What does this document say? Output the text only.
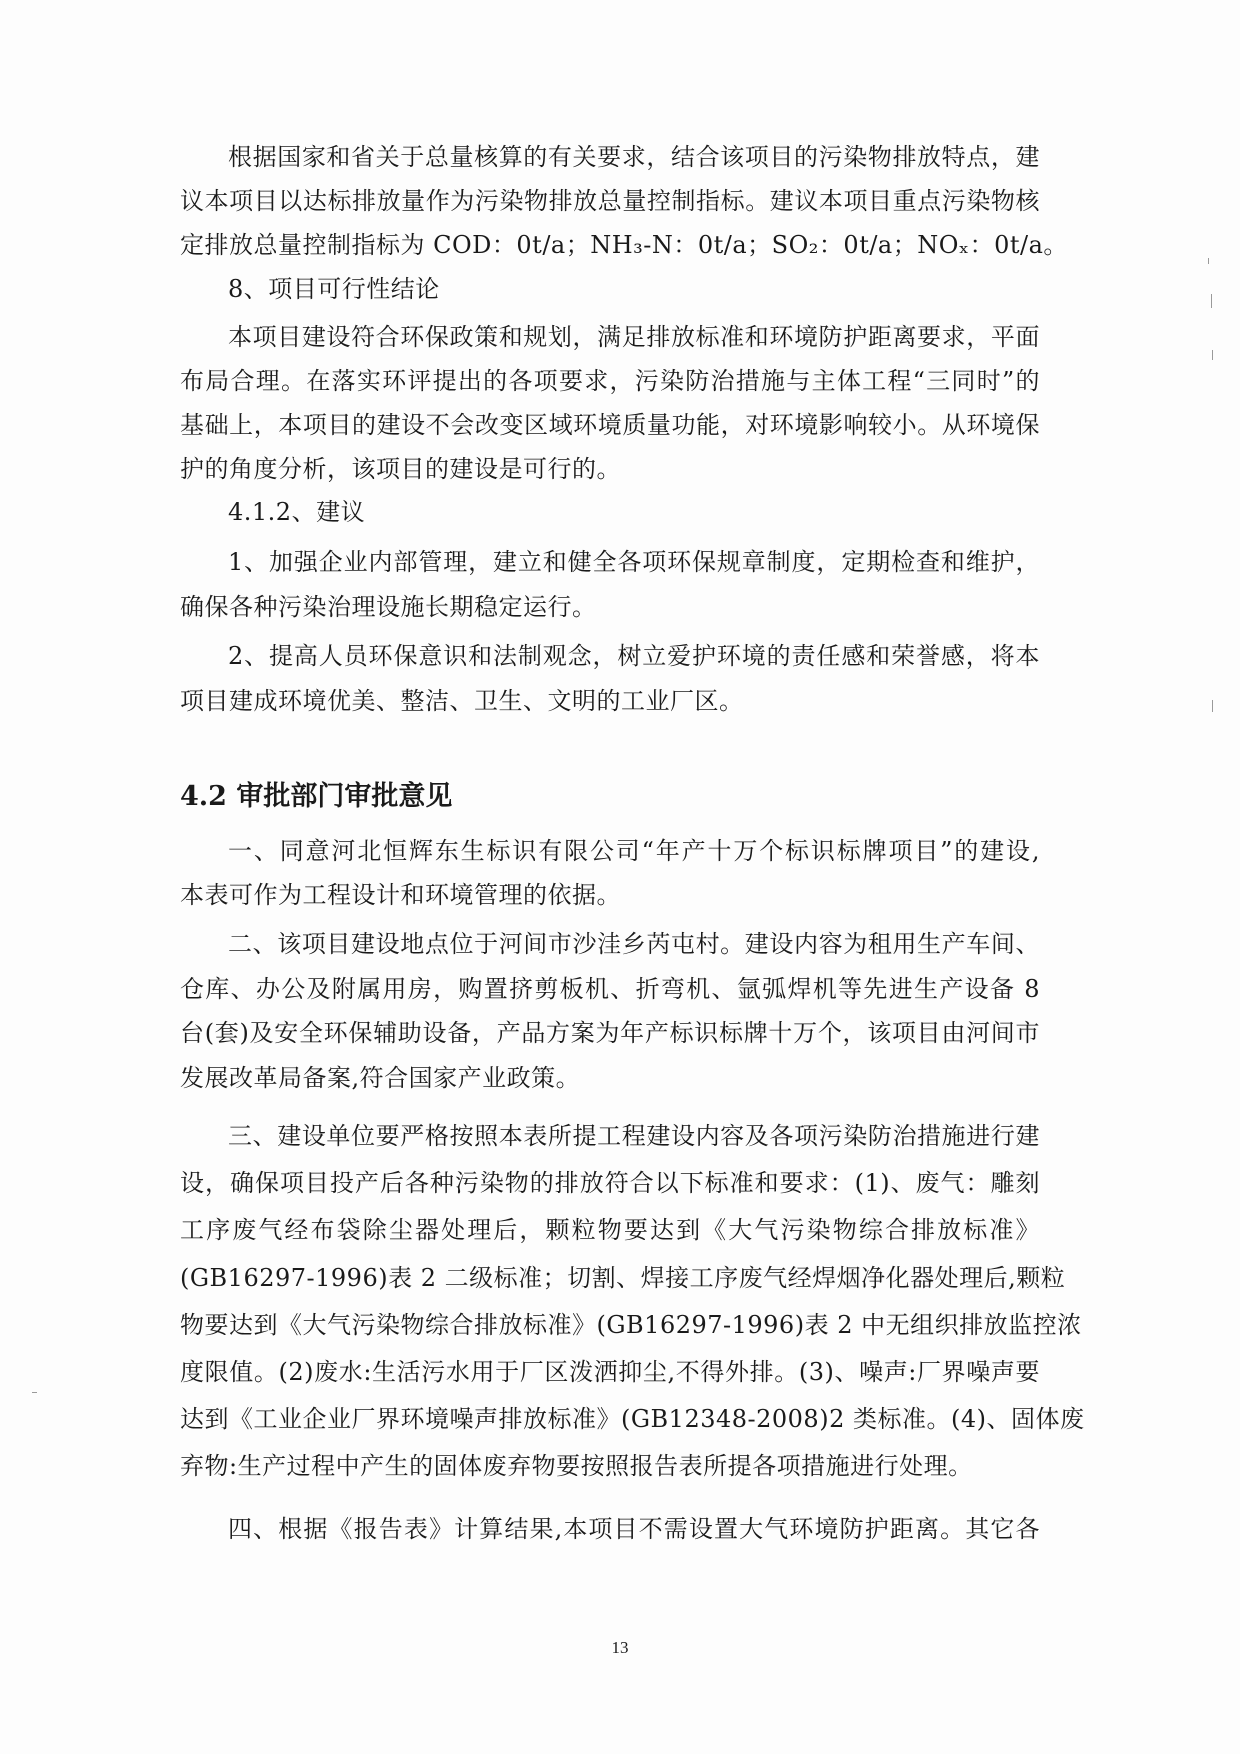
根据国家和省关于总量核算的有关要求，结合该项目的污染物排放特点，建
议本项目以达标排放量作为污染物排放总量控制指标。建议本项目重点污染物核
定排放总量控制指标为 COD：0t/a；NH₃-N：0t/a；SO₂：0t/a；NOₓ：0t/a。
8、项目可行性结论
本项目建设符合环保政策和规划，满足排放标准和环境防护距离要求，平面
布局合理。在落实环评提出的各项要求，污染防治措施与主体工程“三同时”的
基础上，本项目的建设不会改变区域环境质量功能，对环境影响较小。从环境保
护的角度分析，该项目的建设是可行的。
4.1.2、建议
1、加强企业内部管理，建立和健全各项环保规章制度，定期检查和维护，
确保各种污染治理设施长期稳定运行。
2、提高人员环保意识和法制观念，树立爱护环境的责任感和荣誉感，将本
项目建成环境优美、整洁、卫生、文明的工业厂区。
4.2 审批部门审批意见
一、同意河北恒辉东生标识有限公司“年产十万个标识标牌项目”的建设,
本表可作为工程设计和环境管理的依据。
二、该项目建设地点位于河间市沙洼乡芮屯村。建设内容为租用生产车间、
仓库、办公及附属用房，购置挤剪板机、折弯机、氩弧焊机等先进生产设备 8
台(套)及安全环保辅助设备，产品方案为年产标识标牌十万个，该项目由河间市
发展改革局备案,符合国家产业政策。
三、建设单位要严格按照本表所提工程建设内容及各项污染防治措施进行建
设，确保项目投产后各种污染物的排放符合以下标准和要求：(1)、废气：雕刻
工序废气经布袋除尘器处理后，颗粒物要达到《大气污染物综合排放标准》
(GB16297-1996)表 2 二级标准；切割、焊接工序废气经焊烟净化器处理后,颗粒
物要达到《大气污染物综合排放标准》(GB16297-1996)表 2 中无组织排放监控浓
度限值。(2)废水:生活污水用于厂区泼洒抑尘,不得外排。(3)、噪声:厂界噪声要
达到《工业企业厂界环境噪声排放标准》(GB12348-2008)2 类标准。(4)、固体废
弃物:生产过程中产生的固体废弃物要按照报告表所提各项措施进行处理。
四、根据《报告表》计算结果,本项目不需设置大气环境防护距离。其它各
13
